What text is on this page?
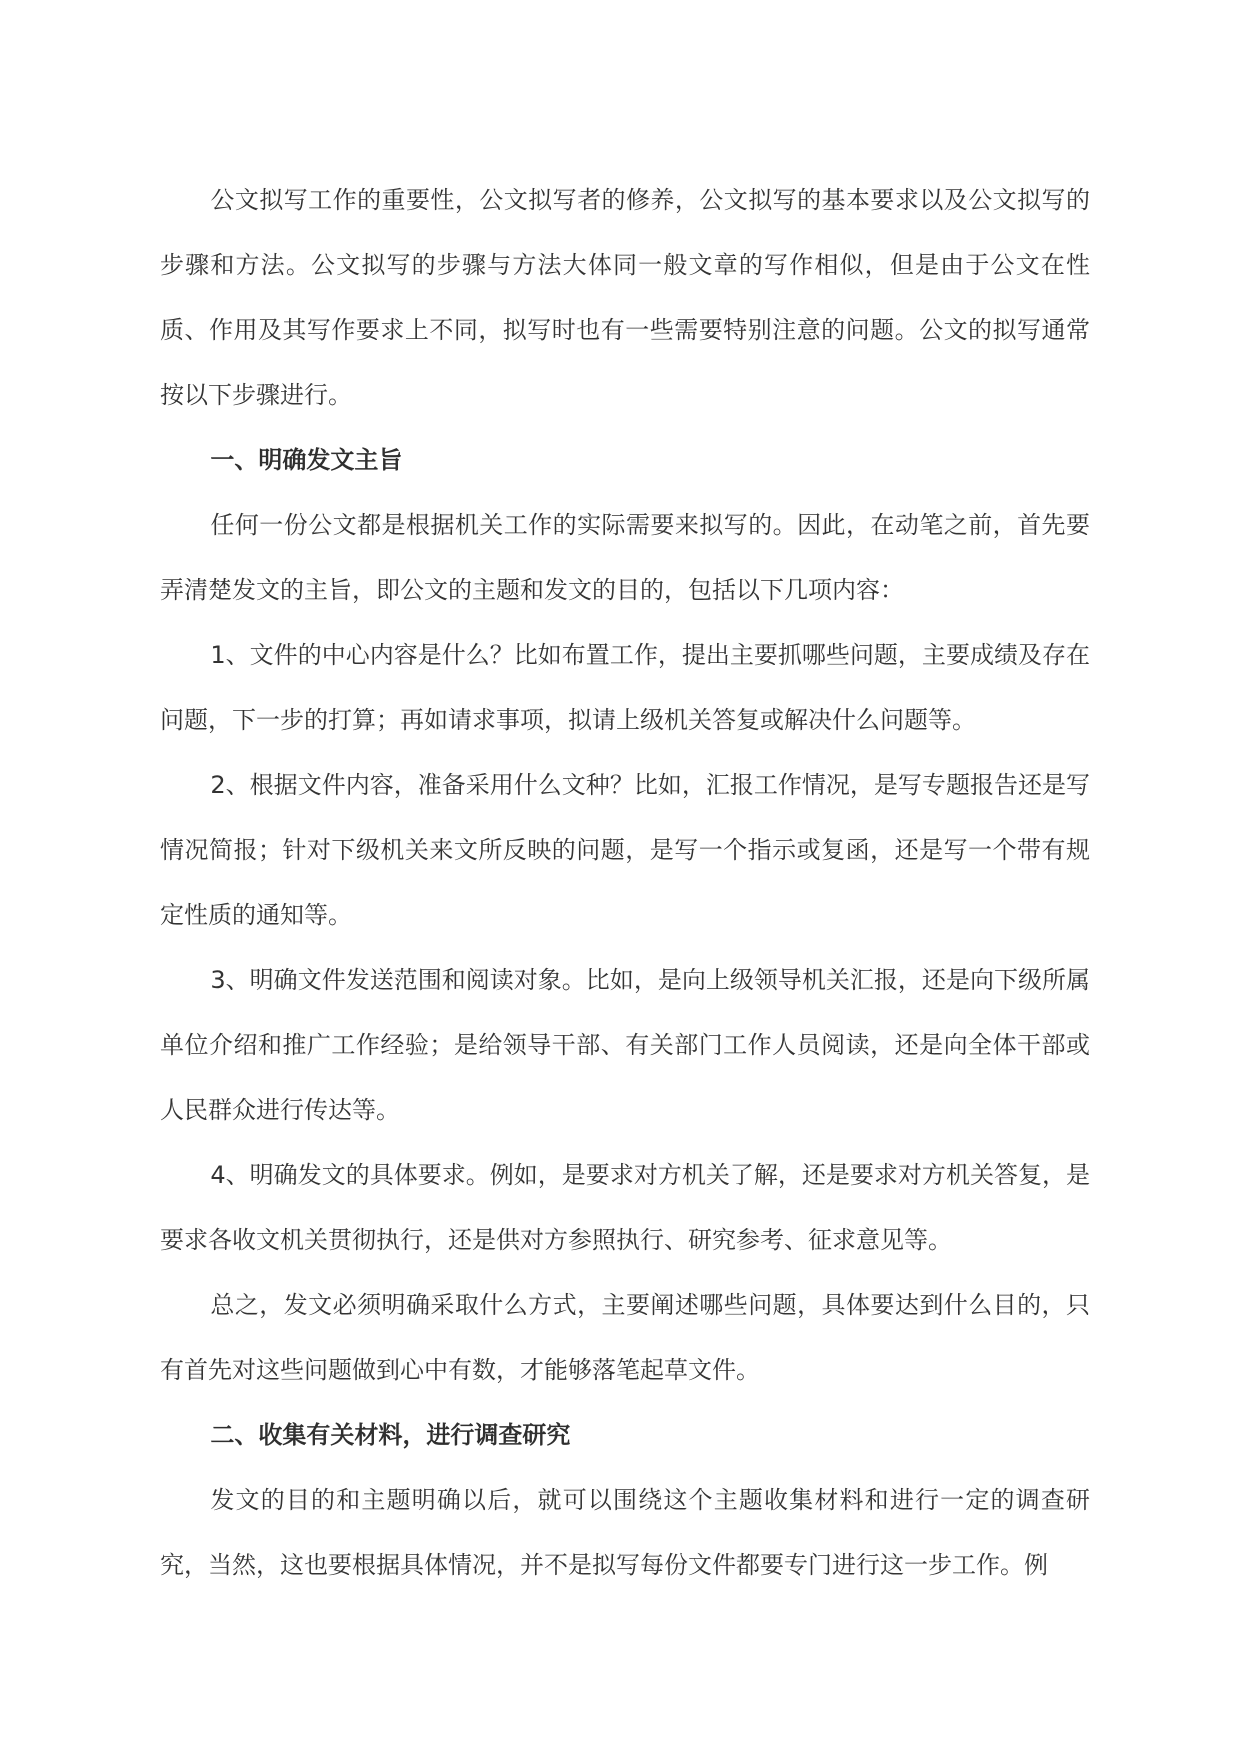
公文拟写工作的重要性，公文拟写者的修养，公文拟写的基本要求以及公文拟写的步骤和方法。公文拟写的步骤与方法大体同一般文章的写作相似，但是由于公文在性质、作用及其写作要求上不同，拟写时也有一些需要特别注意的问题。公文的拟写通常按以下步骤进行。

一、明确发文主旨

任何一份公文都是根据机关工作的实际需要来拟写的。因此，在动笔之前，首先要弄清楚发文的主旨，即公文的主题和发文的目的，包括以下几项内容：

1、文件的中心内容是什么？比如布置工作，提出主要抓哪些问题，主要成绩及存在问题，下一步的打算；再如请求事项，拟请上级机关答复或解决什么问题等。

2、根据文件内容，准备采用什么文种？比如，汇报工作情况，是写专题报告还是写情况简报；针对下级机关来文所反映的问题，是写一个指示或复函，还是写一个带有规定性质的通知等。

3、明确文件发送范围和阅读对象。比如，是向上级领导机关汇报，还是向下级所属单位介绍和推广工作经验；是给领导干部、有关部门工作人员阅读，还是向全体干部或人民群众进行传达等。

4、明确发文的具体要求。例如，是要求对方机关了解，还是要求对方机关答复，是要求各收文机关贯彻执行，还是供对方参照执行、研究参考、征求意见等。

总之，发文必须明确采取什么方式，主要阐述哪些问题，具体要达到什么目的，只有首先对这些问题做到心中有数，才能够落笔起草文件。

二、收集有关材料，进行调查研究

发文的目的和主题明确以后，就可以围绕这个主题收集材料和进行一定的调查研究，当然，这也要根据具体情况，并不是拟写每份文件都要专门进行这一步工作。例
